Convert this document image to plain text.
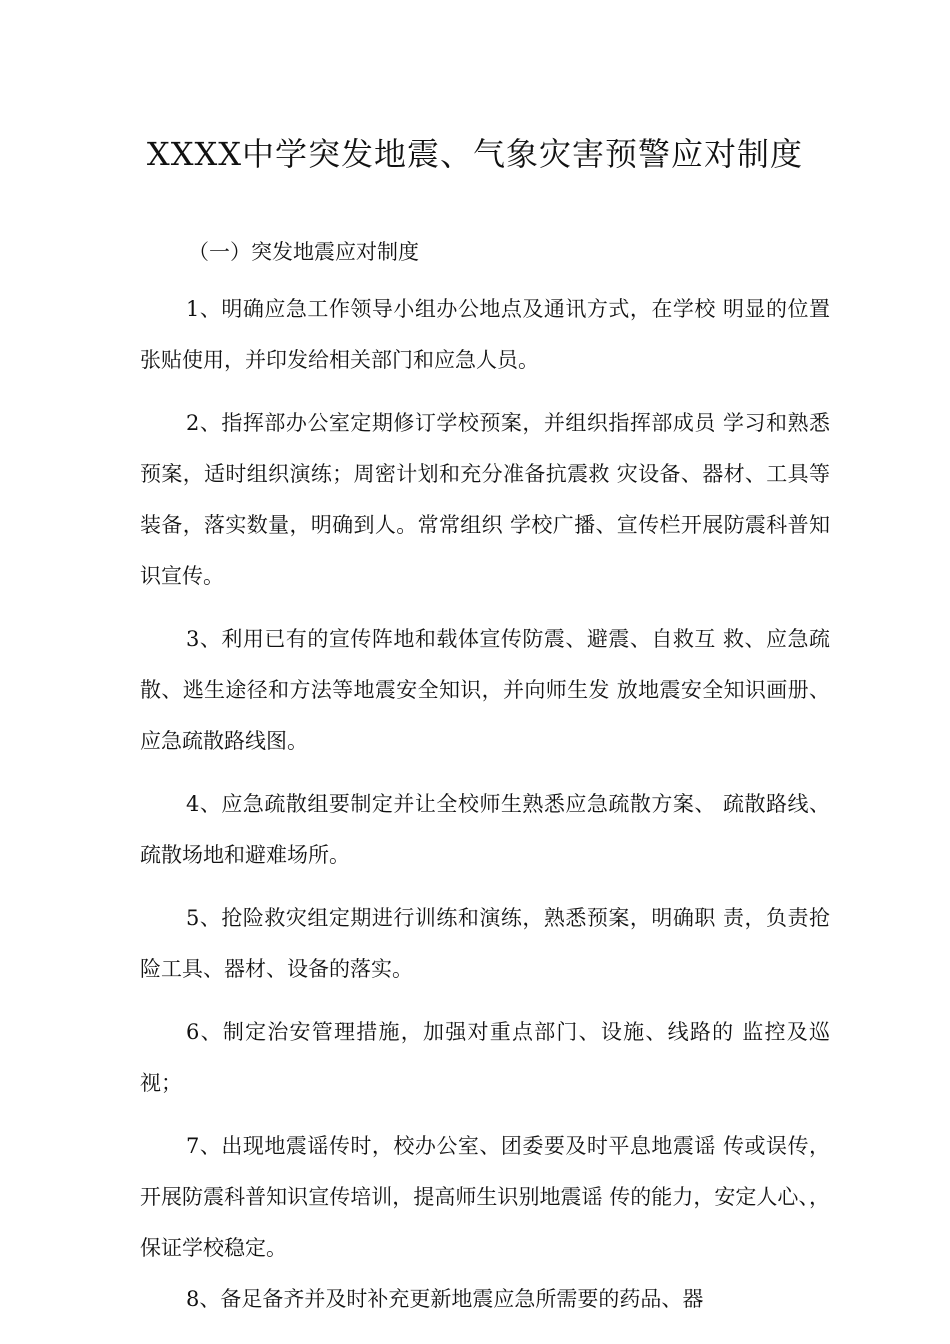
XXXX中学突发地震、气象灾害预警应对制度
（一）突发地震应对制度

1、明确应急工作领导小组办公地点及通讯方式，在学校 明显的位置张贴使用，并印发给相关部门和应急人员。

2、指挥部办公室定期修订学校预案，并组织指挥部成员 学习和熟悉预案，适时组织演练；周密计划和充分准备抗震救 灾设备、器材、工具等装备，落实数量，明确到人。常常组织 学校广播、宣传栏开展防震科普知识宣传。

3、利用已有的宣传阵地和载体宣传防震、避震、自救互 救、应急疏散、逃生途径和方法等地震安全知识，并向师生发 放地震安全知识画册、应急疏散路线图。

4、应急疏散组要制定并让全校师生熟悉应急疏散方案、 疏散路线、疏散场地和避难场所。

5、抢险救灾组定期进行训练和演练，熟悉预案，明确职 责，负责抢险工具、器材、设备的落实。

6、制定治安管理措施，加强对重点部门、设施、线路的 监控及巡视；

7、出现地震谣传时，校办公室、团委要及时平息地震谣 传或误传，开展防震科普知识宣传培训，提高师生识别地震谣 传的能力，安定人心、，保证学校稳定。

8、备足备齐并及时补充更新地震应急所需要的药品、器
